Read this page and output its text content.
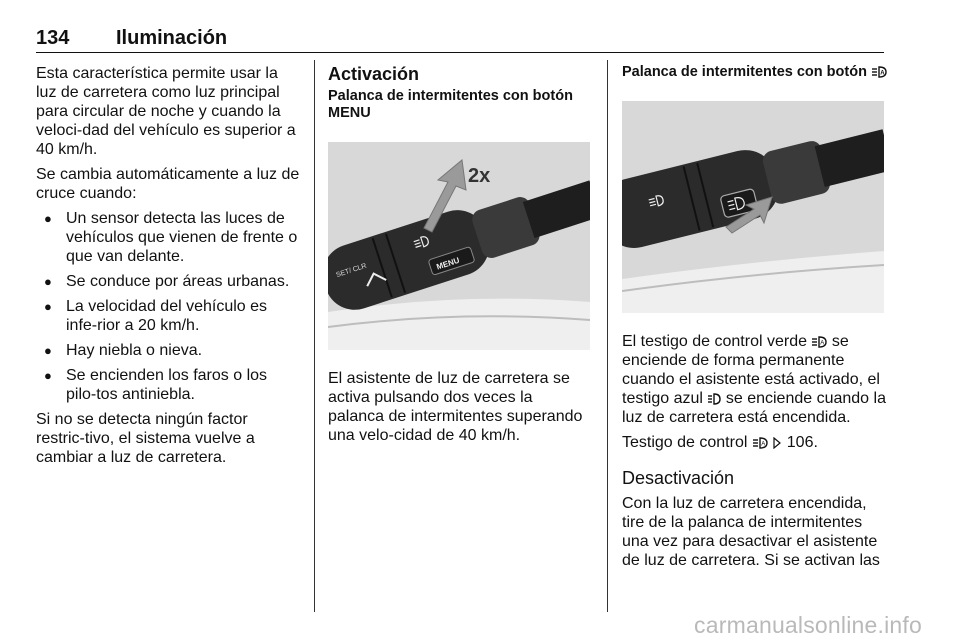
134 Iluminación

Esta característica permite usar la luz de carretera como luz principal para circular de noche y cuando la veloci-dad del vehículo es superior a 40 km/h.

Se cambia automáticamente a luz de cruce cuando:

● Un sensor detecta las luces de vehículos que vienen de frente o que van delante.
● Se conduce por áreas urbanas.
● La velocidad del vehículo es infe-rior a 20 km/h.
● Hay niebla o nieva.
● Se encienden los faros o los pilo-tos antiniebla.

Si no se detecta ningún factor restric-tivo, el sistema vuelve a cambiar a luz de carretera.

Activación
Palanca de intermitentes con botón MENU
SET/ CLR	MENU
2x

El asistente de luz de carretera se activa pulsando dos veces la palanca de intermitentes superando una velo-cidad de 40 km/h.

Palanca de intermitentes con botón A

El testigo de control verde A se enciende de forma permanente cuando el asistente está activado, el testigo azul se enciende cuando la luz de carretera está encendida.

Testigo de control A 106.

Desactivación

Con la luz de carretera encendida, tire de la palanca de intermitentes una vez para desactivar el asistente de luz de carretera. Si se activan las

carmanualsonline.info
